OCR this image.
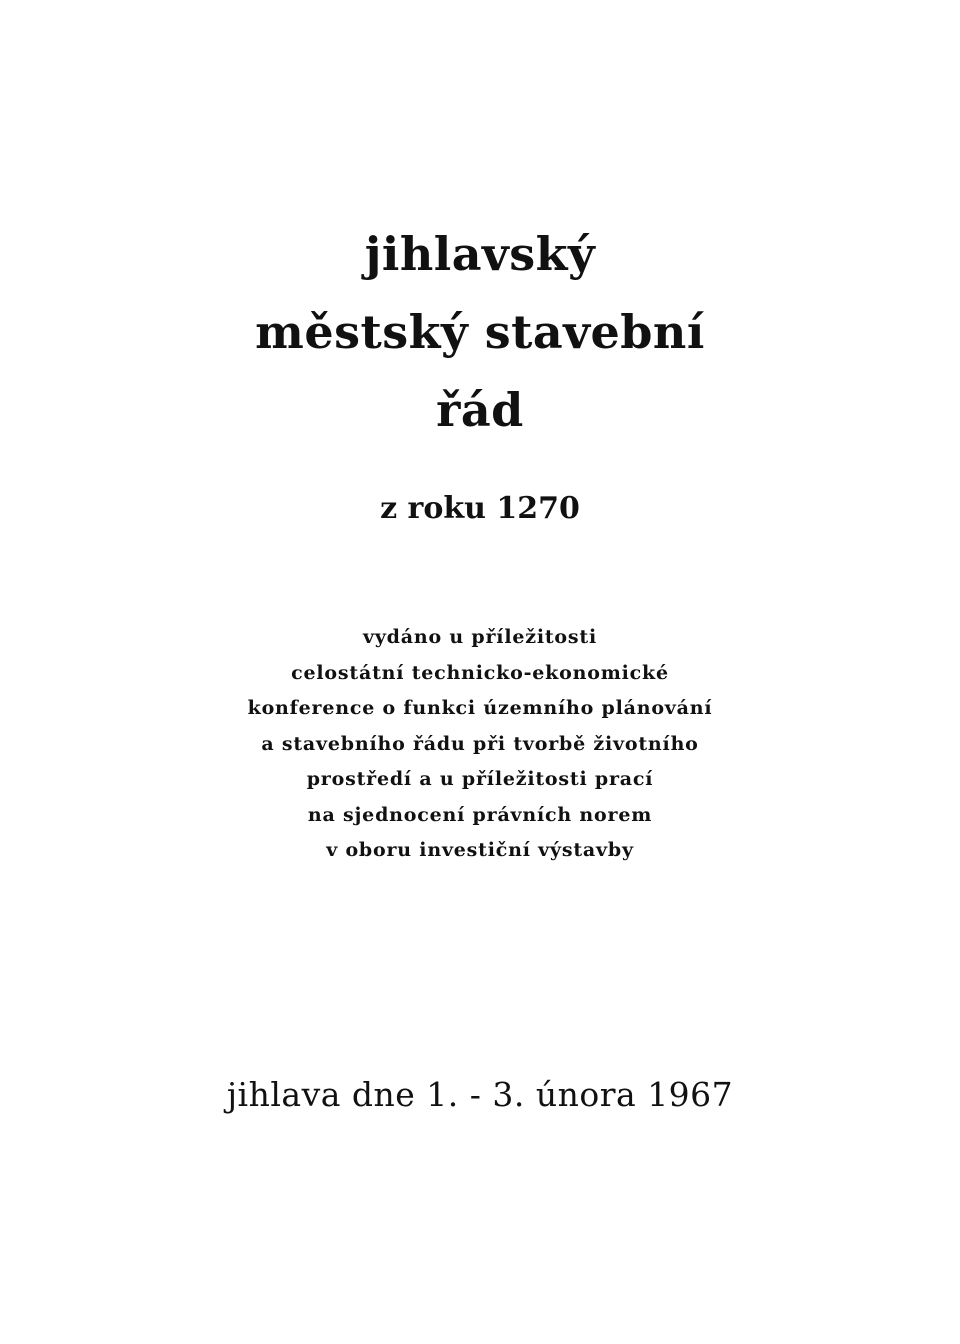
jihlavský
městský stavební
řád
z roku 1270
vydáno u příležitosti
celostátní technicko-ekonomické
konference o funkci územního plánování
a stavebního řádu při tvorbě životního
prostředí a u příležitosti prací
na sjednocení právních norem
v oboru investiční výstavby
jihlava dne 1. - 3. února 1967
